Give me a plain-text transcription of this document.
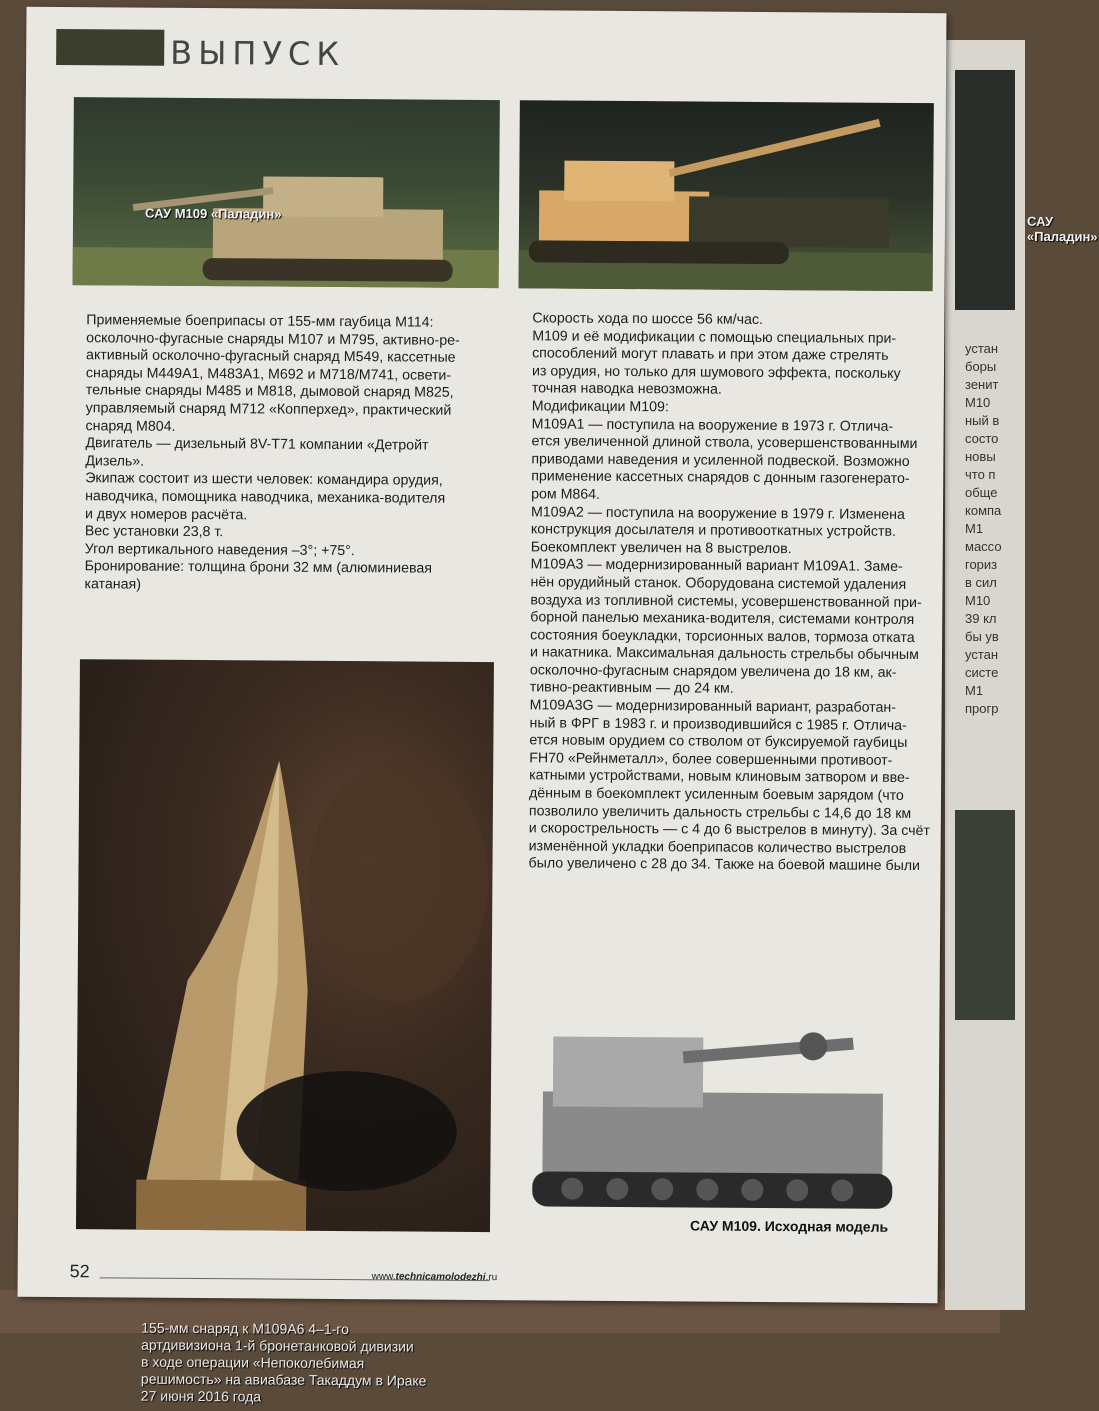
устан
боры
зенит
М10
ный в
состо
новы
что п
обще
компа
М1
массо
гориз
в сил
М10
39 кл
бы ув
устан
систе
М1
прогр
ВЫПУСК
САУ М109 «Паладин»	САУ «Паладин»
Применяемые боеприпасы от 155-мм гаубица М114:
осколочно-фугасные снаряды М107 и М795, активно-ре-
активный осколочно-фугасный снаряд М549, кассетные
снаряды М449А1, М483А1, М692 и М718/М741, освети-
тельные снаряды М485 и М818, дымовой снаряд М825,
управляемый снаряд М712 «Копперхед», практический
снаряд М804.
Двигатель — дизельный 8V-Т71 компании «Детройт
Дизель».
Экипаж состоит из шести человек: командира орудия,
наводчика, помощника наводчика, механика-водителя
и двух номеров расчёта.
Вес установки 23,8 т.
Угол вертикального наведения –3°; +75°.
Бронирование: толщина брони 32 мм (алюминиевая
катаная)
Скорость хода по шоссе 56 км/час.
М109 и её модификации с помощью специальных при-
способлений могут плавать и при этом даже стрелять
из орудия, но только для шумового эффекта, поскольку
точная наводка невозможна.
Модификации М109:
М109А1 — поступила на вооружение в 1973 г. Отлича-
ется увеличенной длиной ствола, усовершенствованными
приводами наведения и усиленной подвеской. Возможно
применение кассетных снарядов с донным газогенерато-
ром М864.
М109А2 — поступила на вооружение в 1979 г. Изменена
конструкция досылателя и противооткатных устройств.
Боекомплект увеличен на 8 выстрелов.
М109А3 — модернизированный вариант М109А1. Заме-
нён орудийный станок. Оборудована системой удаления
воздуха из топливной системы, усовершенствованной при-
борной панелью механика-водителя, системами контроля
состояния боеукладки, торсионных валов, тормоза отката
и накатника. Максимальная дальность стрельбы обычным
осколочно-фугасным снарядом увеличена до 18 км, ак-
тивно-реактивным — до 24 км.
М109А3G — модернизированный вариант, разработан-
ный в ФРГ в 1983 г. и производившийся с 1985 г. Отлича-
ется новым орудием со стволом от буксируемой гаубицы
FH70 «Рейнметалл», более совершенными противоот-
катными устройствами, новым клиновым затвором и вве-
дённым в боекомплект усиленным боевым зарядом (что
позволило увеличить дальность стрельбы с 14,6 до 18 км
и скорострельность — с 4 до 6 выстрелов в минуту). За счёт
изменённой укладки боеприпасов количество выстрелов
было увеличено с 28 до 34. Также на боевой машине были
155-мм снаряд к М109А6 4–1-го
артдивизиона 1-й бронетанковой дивизии
в ходе операции «Непоколебимая
решимость» на авиабазе Такаддум в Ираке
27 июня 2016 года
САУ М109. Исходная модель
52	www.technicamolodezhi.ru
